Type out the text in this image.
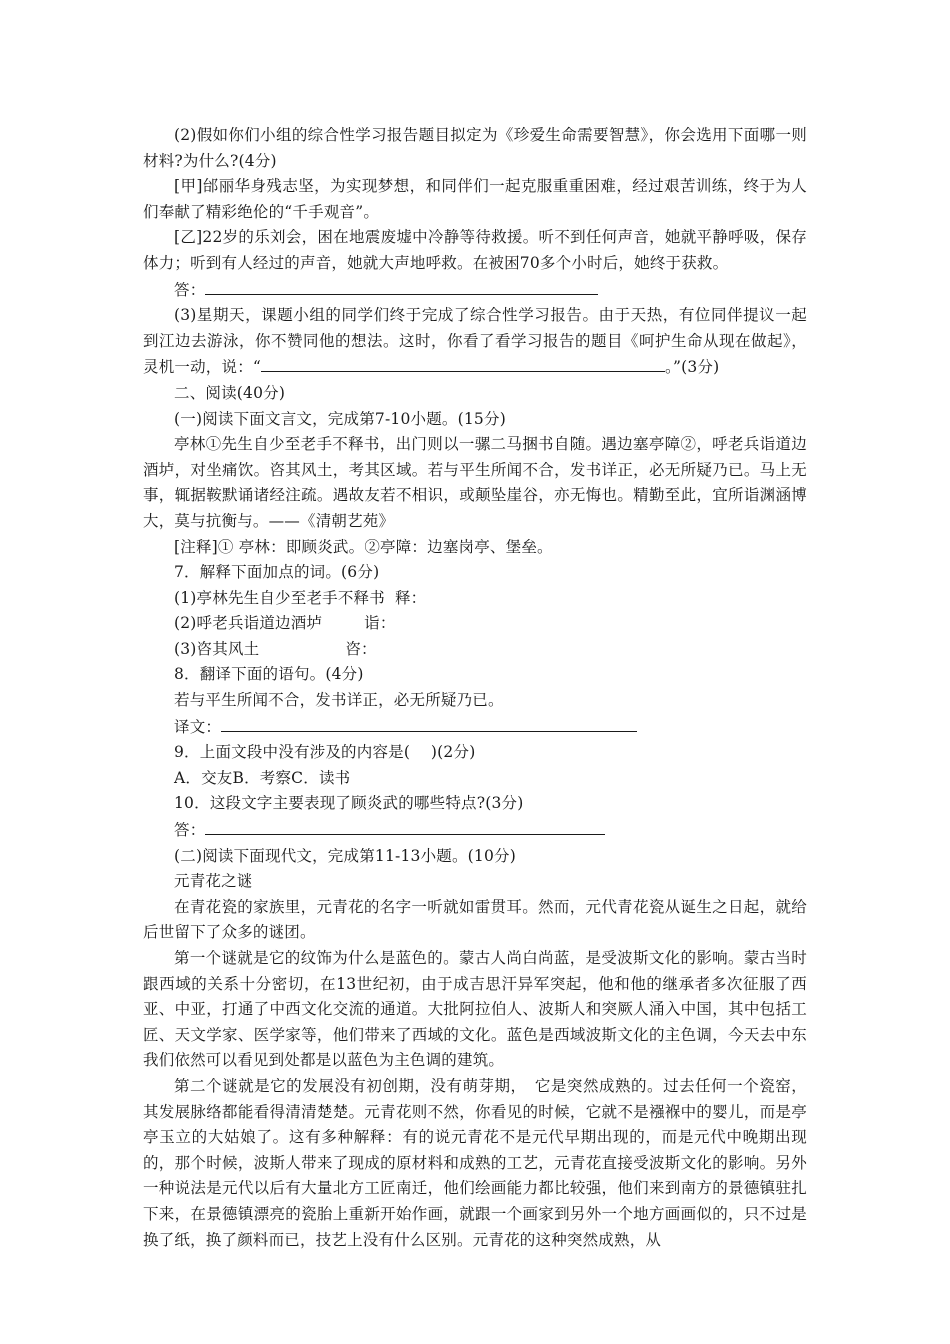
(2)假如你们小组的综合性学习报告题目拟定为《珍爱生命需要智慧》，你会选用下面哪一则材料?为什么?(4分)

[甲]邰丽华身残志坚，为实现梦想，和同伴们一起克服重重困难，经过艰苦训练，终于为人们奉献了精彩绝伦的“千手观音”。

[乙]22岁的乐刘会，困在地震废墟中冷静等待救援。听不到任何声音，她就平静呼吸，保存体力；听到有人经过的声音，她就大声地呼救。在被困70多个小时后，她终于获救。

答：

(3)星期天，课题小组的同学们终于完成了综合性学习报告。由于天热，有位同伴提议一起到江边去游泳，你不赞同他的想法。这时，你看了看学习报告的题目《呵护生命从现在做起》，灵机一动，说：“	。”(3分)

二、阅读(40分)

(一)阅读下面文言文，完成第7-10小题。(15分)

亭林①先生自少至老手不释书，出门则以一骡二马捆书自随。遇边塞亭障②，呼老兵诣道边酒垆，对坐痛饮。咨其风土，考其区域。若与平生所闻不合，发书详正，必无所疑乃已。马上无事，辄据鞍默诵诸经注疏。遇故友若不相识，或颠坠崖谷，亦无悔也。精勤至此，宜所诣渊涵博大，莫与抗衡与。——《清朝艺苑》

[注释]① 亭林：即顾炎武。②亭障：边塞岗亭、堡垒。

7．解释下面加点的词。(6分)

(1)亭林先生自少至老手不释书 释：

(2)呼老兵诣道边酒垆	诣：

(3)咨其风土	咨：

8．翻译下面的语句。(4分)

若与平生所闻不合，发书详正，必无所疑乃已。

译文：

9．上面文段中没有涉及的内容是(　 )(2分)

A．交友B．考察C．读书

10．这段文字主要表现了顾炎武的哪些特点?(3分)

答：

(二)阅读下面现代文，完成第11-13小题。(10分)

元青花之谜

在青花瓷的家族里，元青花的名字一听就如雷贯耳。然而，元代青花瓷从诞生之日起，就给后世留下了众多的谜团。

第一个谜就是它的纹饰为什么是蓝色的。蒙古人尚白尚蓝，是受波斯文化的影响。蒙古当时跟西域的关系十分密切，在13世纪初，由于成吉思汗异军突起，他和他的继承者多次征服了西亚、中亚，打通了中西文化交流的通道。大批阿拉伯人、波斯人和突厥人涌入中国，其中包括工匠、天文学家、医学家等，他们带来了西域的文化。蓝色是西域波斯文化的主色调，今天去中东我们依然可以看见到处都是以蓝色为主色调的建筑。

第二个谜就是它的发展没有初创期，没有萌芽期，　它是突然成熟的。过去任何一个瓷窑，其发展脉络都能看得清清楚楚。元青花则不然，你看见的时候，它就不是襁褓中的婴儿，而是亭亭玉立的大姑娘了。这有多种解释：有的说元青花不是元代早期出现的，而是元代中晚期出现的，那个时候，波斯人带来了现成的原材料和成熟的工艺，元青花直接受波斯文化的影响。另外一种说法是元代以后有大量北方工匠南迁，他们绘画能力都比较强，他们来到南方的景德镇驻扎下来，在景德镇漂亮的瓷胎上重新开始作画，就跟一个画家到另外一个地方画画似的，只不过是换了纸，换了颜料而已，技艺上没有什么区别。元青花的这种突然成熟，从
